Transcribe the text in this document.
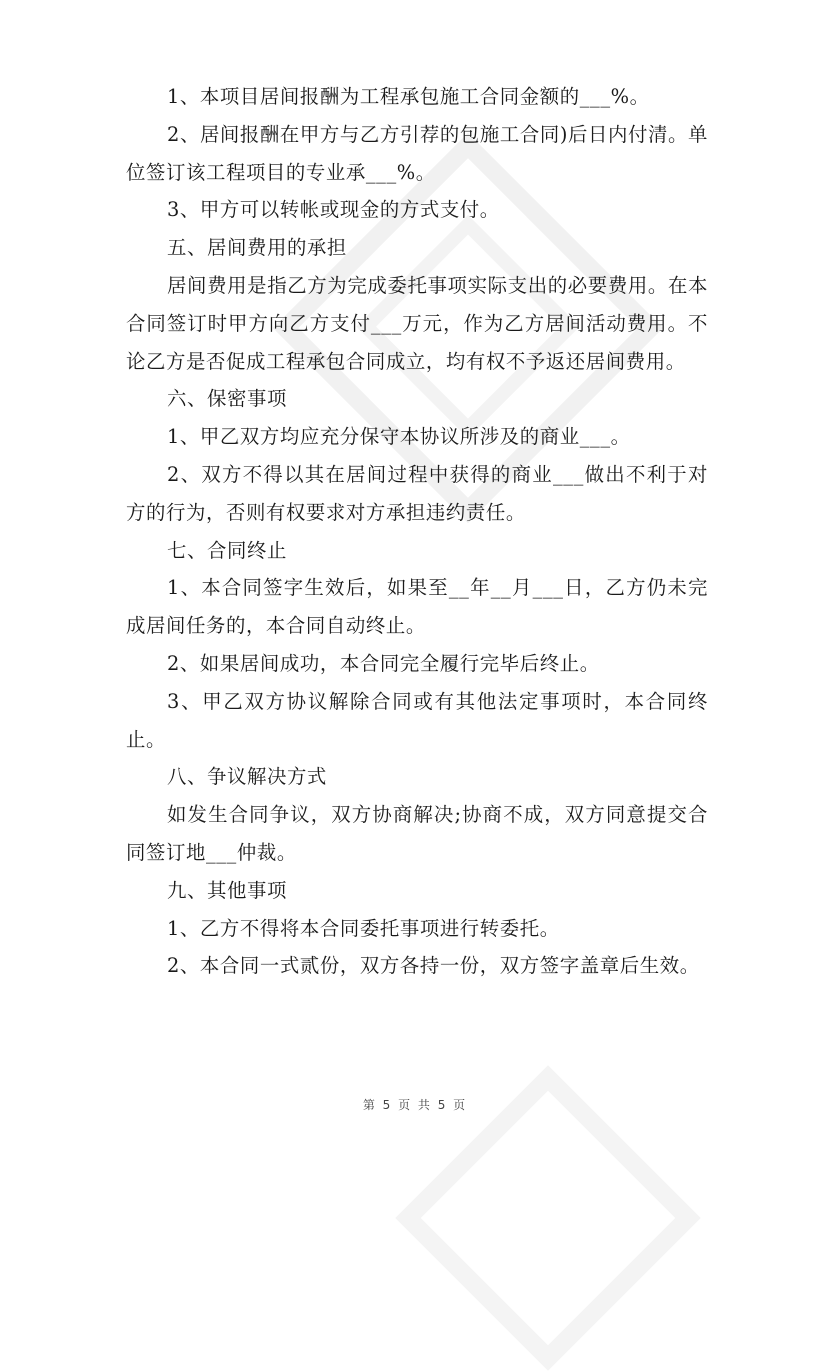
1、本项目居间报酬为工程承包施工合同金额的___%。

2、居间报酬在甲方与乙方引荐的包施工合同)后日内付清。单位签订该工程项目的专业承___%。

3、甲方可以转帐或现金的方式支付。

五、居间费用的承担

居间费用是指乙方为完成委托事项实际支出的必要费用。在本合同签订时甲方向乙方支付___万元，作为乙方居间活动费用。不论乙方是否促成工程承包合同成立，均有权不予返还居间费用。

六、保密事项

1、甲乙双方均应充分保守本协议所涉及的商业___。

2、双方不得以其在居间过程中获得的商业___做出不利于对方的行为，否则有权要求对方承担违约责任。

七、合同终止

1、本合同签字生效后，如果至__年__月___日，乙方仍未完成居间任务的，本合同自动终止。

2、如果居间成功，本合同完全履行完毕后终止。

3、甲乙双方协议解除合同或有其他法定事项时，本合同终止。

八、争议解决方式

如发生合同争议，双方协商解决;协商不成，双方同意提交合同签订地___仲裁。

九、其他事项

1、乙方不得将本合同委托事项进行转委托。

2、本合同一式贰份，双方各持一份，双方签字盖章后生效。

第 5 页 共 5 页
